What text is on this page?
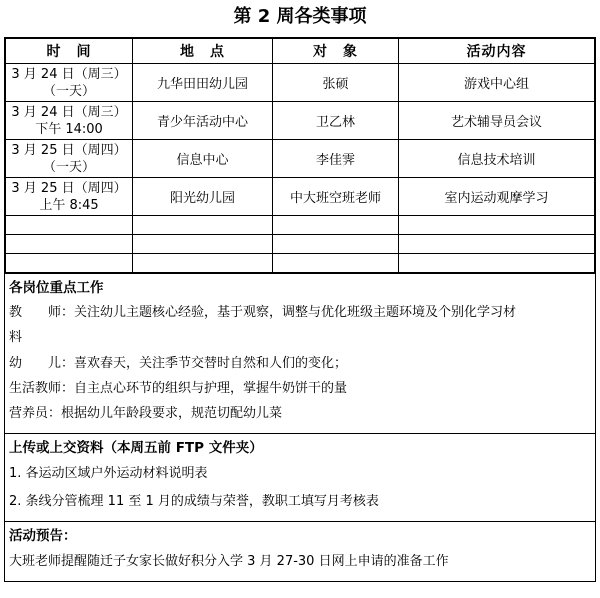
第 2 周各类事项
时　间	地　点	对　象	活动内容

3 月 24 日（周三）
（一天）	九华田田幼儿园	张硕	游戏中心组

3 月 24 日（周三）
下午 14:00	青少年活动中心	卫乙林	艺术辅导员会议

3 月 25 日（周四）
（一天）	信息中心	李佳霁	信息技术培训

3 月 25 日（周四）
上午 8:45	阳光幼儿园	中大班空班老师	室内运动观摩学习

各岗位重点工作
教　　师：关注幼儿主题核心经验，基于观察，调整与优化班级主题环境及个别化学习材
料
幼　　儿：喜欢春天，关注季节交替时自然和人们的变化；
生活教师：自主点心环节的组织与护理，掌握牛奶饼干的量
营养员：根据幼儿年龄段要求，规范切配幼儿菜
上传或上交资料（本周五前 FTP 文件夹）
1. 各运动区域户外运动材料说明表
2. 条线分管梳理 11 至 1 月的成绩与荣誉，教职工填写月考核表
活动预告：
大班老师提醒随迁子女家长做好积分入学 3 月 27-30 日网上申请的准备工作
